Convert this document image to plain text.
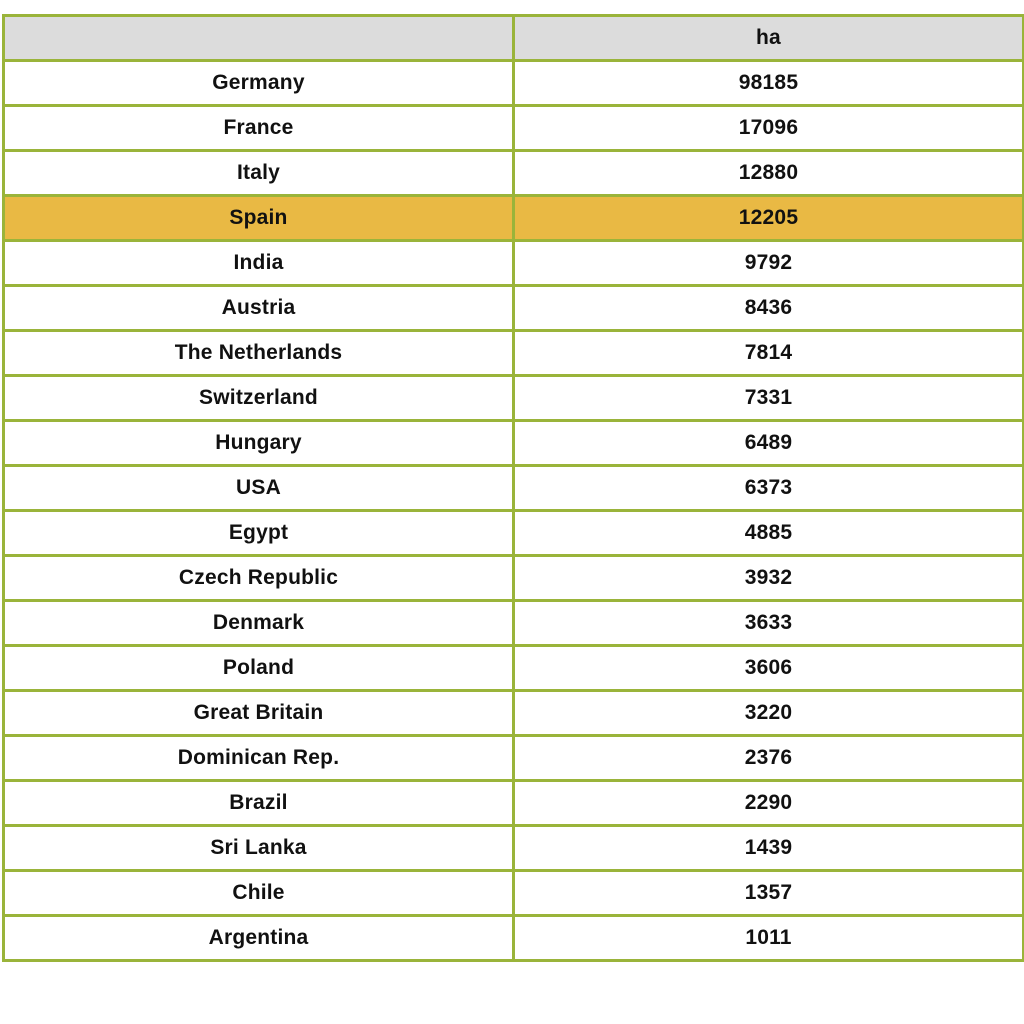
	ha
Germany	98185
France	17096
Italy	12880
Spain	12205
India	9792
Austria	8436
The Netherlands	7814
Switzerland	7331
Hungary	6489
USA	6373
Egypt	4885
Czech Republic	3932
Denmark	3633
Poland	3606
Great Britain	3220
Dominican Rep.	2376
Brazil	2290
Sri Lanka	1439
Chile	1357
Argentina	1011
